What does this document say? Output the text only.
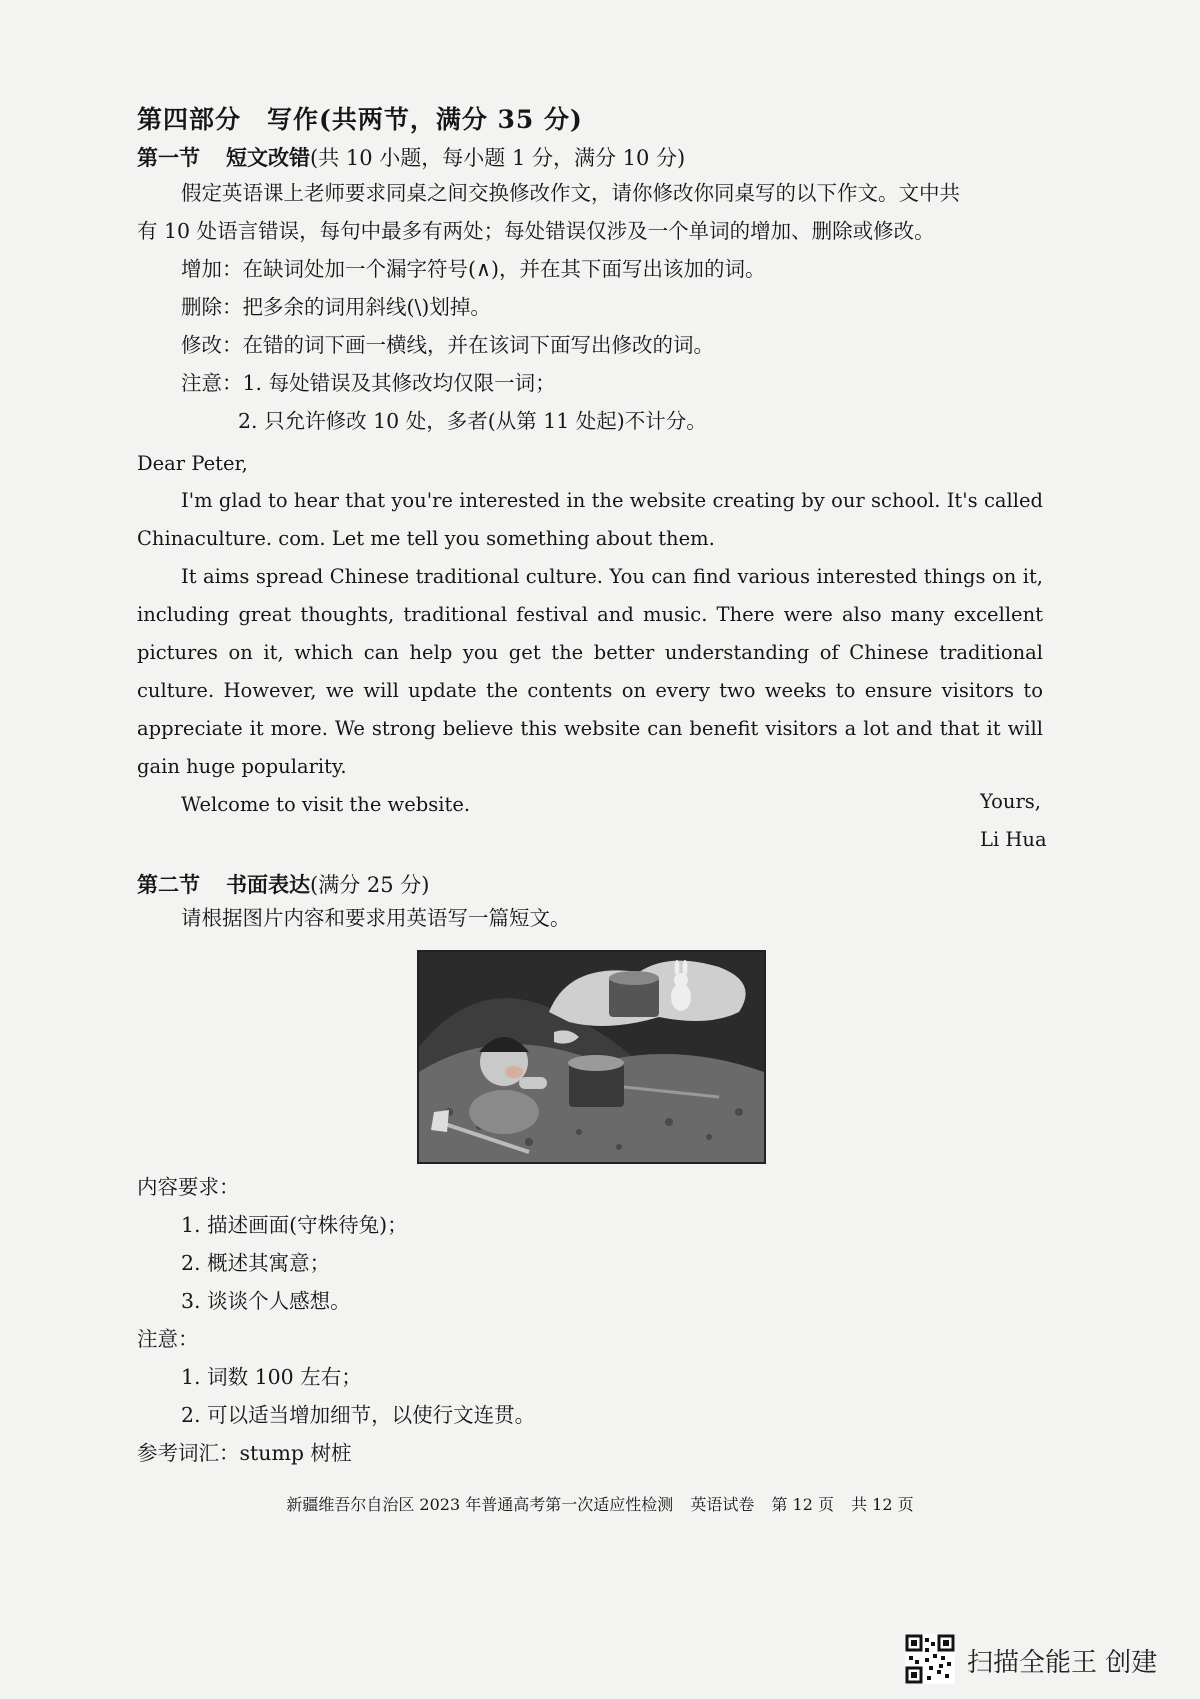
第四部分　写作(共两节，满分 35 分)
第一节 短文改错(共 10 小题，每小题 1 分，满分 10 分)
假定英语课上老师要求同桌之间交换修改作文，请你修改你同桌写的以下作文。文中共
有 10 处语言错误，每句中最多有两处；每处错误仅涉及一个单词的增加、删除或修改。
增加：在缺词处加一个漏字符号(∧)，并在其下面写出该加的词。
删除：把多余的词用斜线(\)划掉。
修改：在错的词下画一横线，并在该词下面写出修改的词。
注意：1. 每处错误及其修改均仅限一词；
2. 只允许修改 10 处，多者(从第 11 处起)不计分。
Dear Peter,

I'm glad to hear that you're interested in the website creating by our school. It's called Chinaculture. com. Let me tell you something about them.

It aims spread Chinese traditional culture. You can find various interested things on it, including great thoughts, traditional festival and music. There were also many excellent pictures on it, which can help you get the better understanding of Chinese traditional culture. However, we will update the contents on every two weeks to ensure visitors to appreciate it more. We strong believe this website can benefit visitors a lot and that it will gain huge popularity.

Welcome to visit the website.	Yours,
Li Hua
第二节 书面表达(满分 25 分)
请根据图片内容和要求用英语写一篇短文。
内容要求：
1. 描述画面(守株待兔)；
2. 概述其寓意；
3. 谈谈个人感想。
注意：
1. 词数 100 左右；
2. 可以适当增加细节，以使行文连贯。
参考词汇：stump 树桩
新疆维吾尔自治区 2023 年普通高考第一次适应性检测 英语试卷 第 12 页 共 12 页
扫描全能王 创建
